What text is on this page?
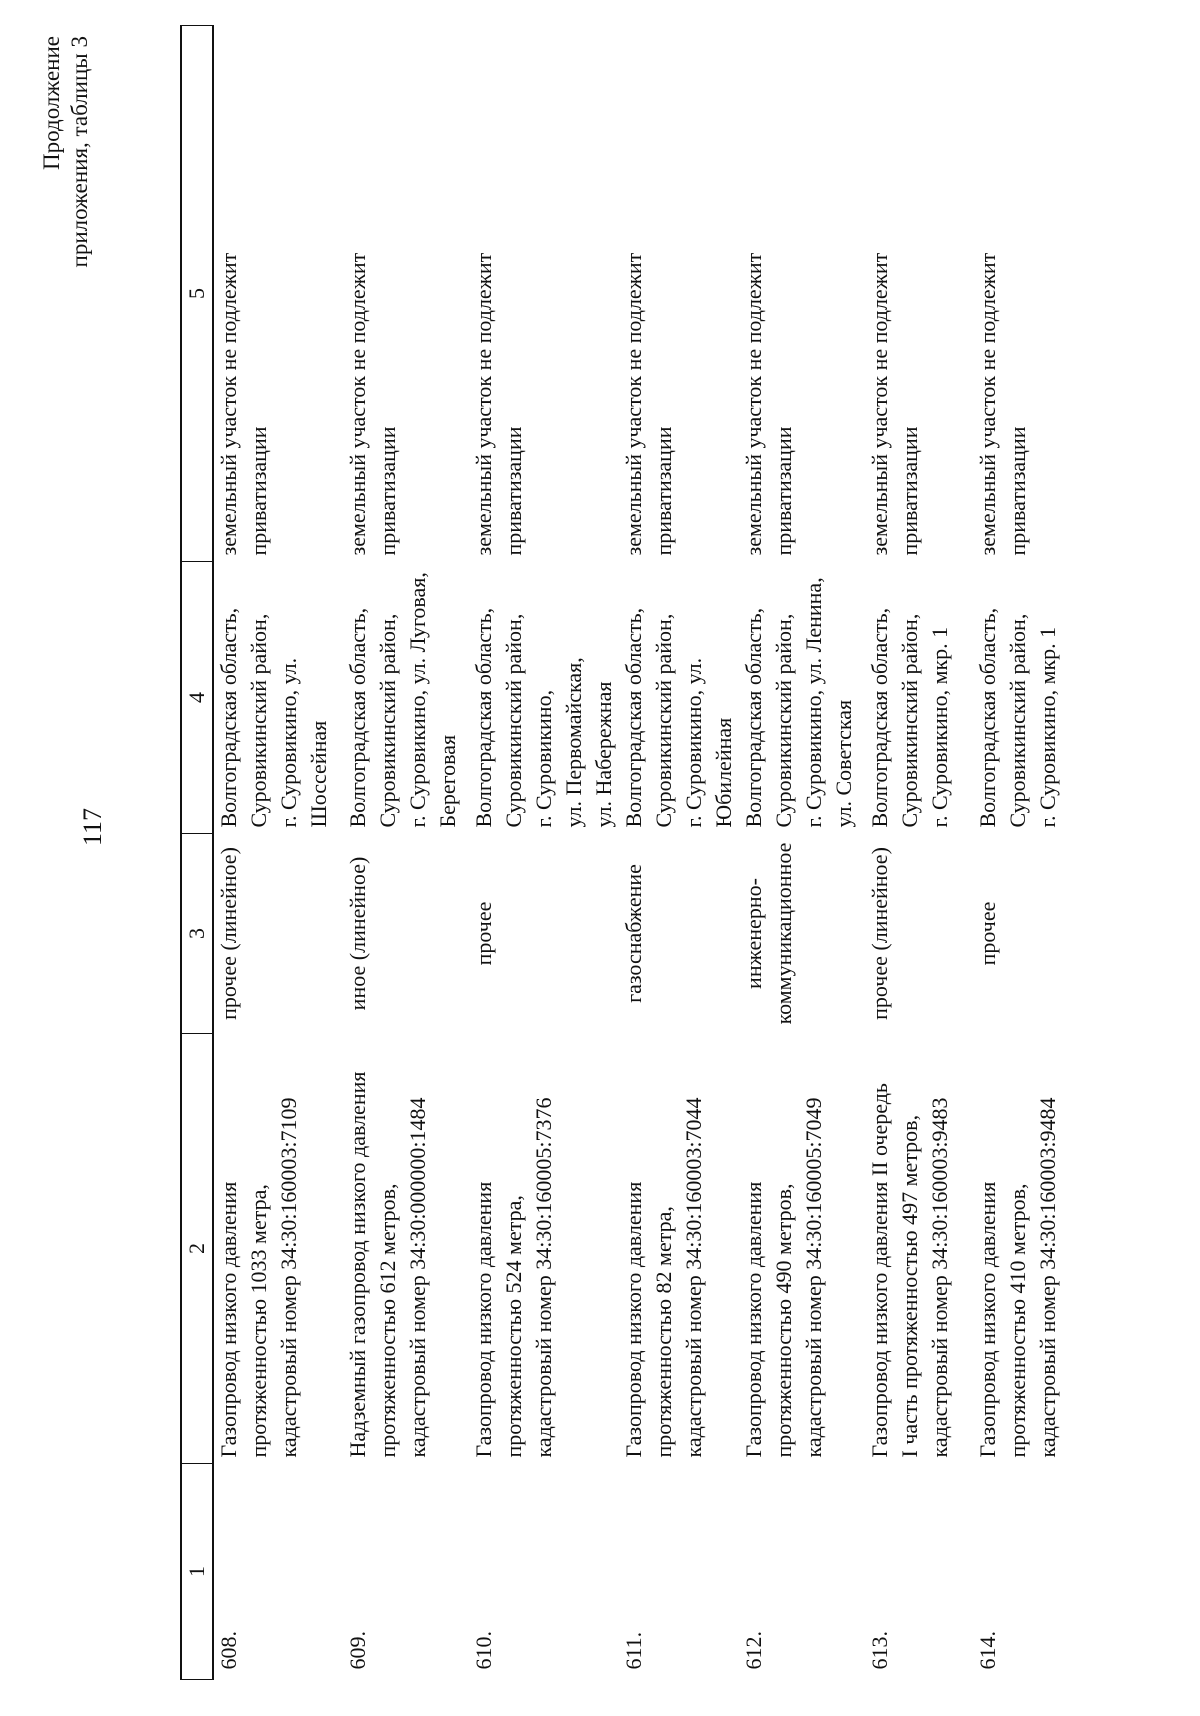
117
Продолжение приложения, таблицы 3
1	2	3	4	5
608.	Газопровод низкого давления
протяженностью 1033 метра,
кадастровый номер 34:30:160003:7109	прочее (линейное)	Волгоградская область,
Суровикинский район,
г. Суровикино, ул. Шоссейная	земельный участок не подлежит
приватизации
609.	Надземный газопровод низкого давления
протяженностью 612 метров,
кадастровый номер 34:30:000000:1484	иное (линейное)	Волгоградская область,
Суровикинский район,
г. Суровикино, ул. Луговая,
Береговая	земельный участок не подлежит
приватизации
610.	Газопровод низкого давления
протяженностью 524 метра,
кадастровый номер 34:30:160005:7376	прочее	Волгоградская область,
Суровикинский район,
г. Суровикино,
ул. Первомайская,
ул. Набережная	земельный участок не подлежит
приватизации
611.	Газопровод низкого давления
протяженностью 82 метра,
кадастровый номер 34:30:160003:7044	газоснабжение	Волгоградская область,
Суровикинский район,
г. Суровикино, ул. Юбилейная	земельный участок не подлежит
приватизации
612.	Газопровод низкого давления
протяженностью 490 метров,
кадастровый номер 34:30:160005:7049	инженерно-
коммуникационное	Волгоградская область,
Суровикинский район,
г. Суровикино, ул. Ленина,
ул. Советская	земельный участок не подлежит
приватизации
613.	Газопровод низкого давления II очередь
I часть протяженностью 497 метров,
кадастровый номер 34:30:160003:9483	прочее (линейное)	Волгоградская область,
Суровикинский район,
г. Суровикино, мкр. 1	земельный участок не подлежит
приватизации
614.	Газопровод низкого давления
протяженностью 410 метров,
кадастровый номер 34:30:160003:9484	прочее	Волгоградская область,
Суровикинский район,
г. Суровикино, мкр. 1	земельный участок не подлежит
приватизации
